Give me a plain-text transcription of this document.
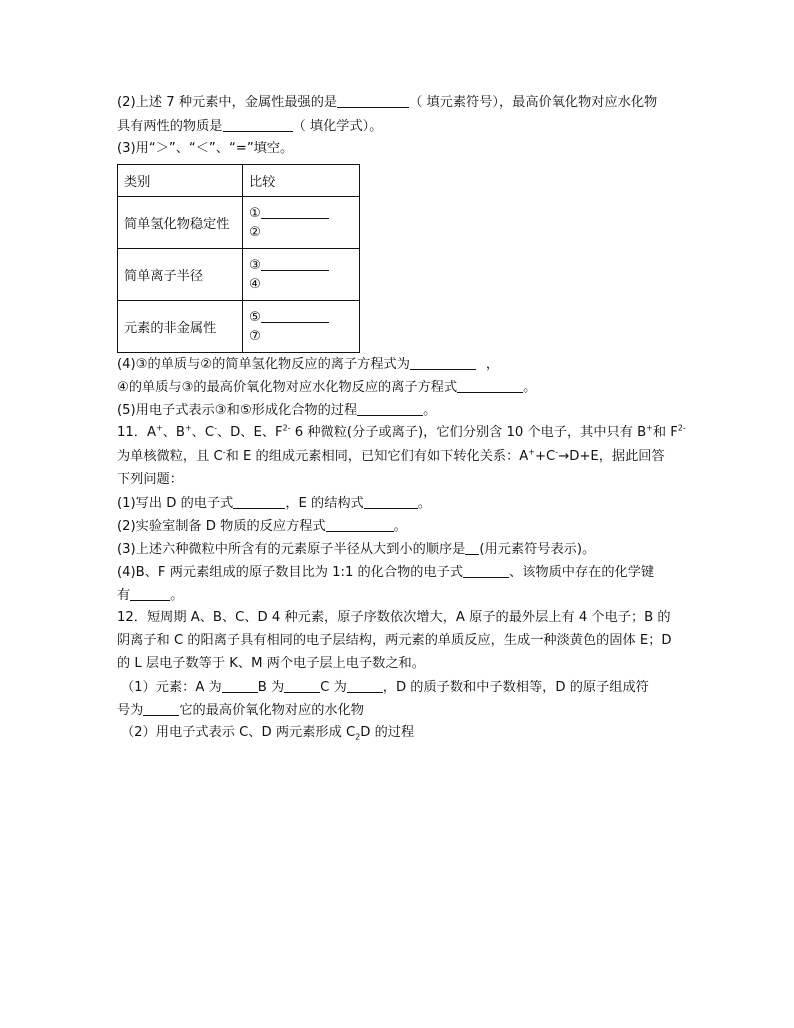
(2)上述 7 种元素中，金属性最强的是	（ 填元素符号），最高价氧化物对应水化物
具有两性的物质是	（ 填化学式）。
(3)用“＞”、“＜”、“=”填空。
类别	比较
简单氢化物稳定性	①
②

简单离子半径	③
④

元素的非金属性	⑤
⑦
(4)③的单质与②的简单氢化物反应的离子方程式为	，
④的单质与③的最高价氧化物对应水化物反应的离子方程式	。
(5)用电子式表示③和⑤形成化合物的过程	。
11．A+、B+、C-、D、E、$F^{2-}$ 6 种微粒(分子或离子)，它们分别含 10 个电子，其中只有 B+和 $F^{2-}$
为单核微粒，且 C-和 E 的组成元素相同，已知它们有如下转化关系：A++C-→D+E，据此回答
下列问题：
(1)写出 D 的电子式	，E 的结构式	。
(2)实验室制备 D 物质的反应方程式	。
(3)上述六种微粒中所含有的元素原子半径从大到小的顺序是 (用元素符号表示)。
(4)B、F 两元素组成的原子数目比为 1:1 的化合物的电子式	、该物质中存在的化学键
有	。
12．短周期 A、B、C、D 4 种元素，原子序数依次增大，A 原子的最外层上有 4 个电子；B 的
阴离子和 C 的阳离子具有相同的电子层结构，两元素的单质反应，生成一种淡黄色的固体 E；D
的 L 层电子数等于 K、M 两个电子层上电子数之和。
（1）元素：A 为	B 为	C 为	，D 的质子数和中子数相等，D 的原子组成符
号为	它的最高价氧化物对应的水化物
（2）用电子式表示 C、D 两元素形成 $C_2D$ 的过程
